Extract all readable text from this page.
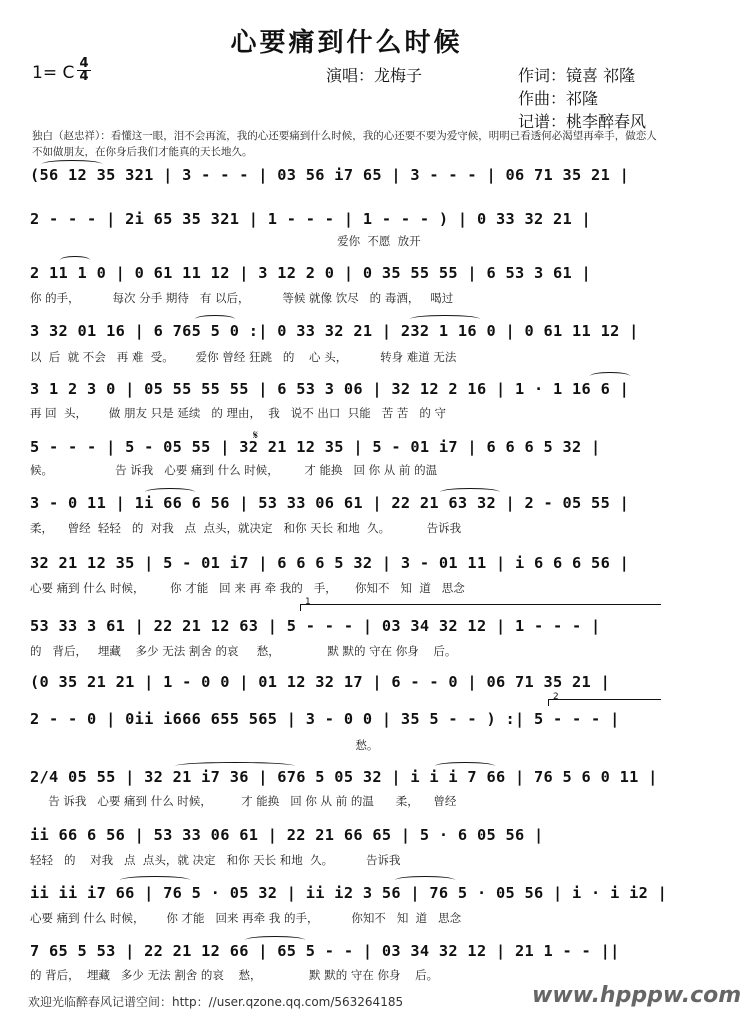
心要痛到什么时候
1= C 4
4	演唱：龙梅子	作词：镜喜 祁隆
作曲：祁隆
记谱：桃李醉春风
独白（赵忠祥）：看懂这一眼，泪不会再流，我的心还要痛到什么时候，我的心还要不要为爱守候，明明已看透何必渴望再牵手，做恋人不如做朋友，在你身后我们才能真的天长地久。
(56 12 35 321 | 3 - - - | 03 56 i7 65 | 3 - - - | 06 71 35 21 |
2 - - - | 2i 65 35 321 | 1 - - - | 1 - - - ) | 0 33 32 21 |
爱你  不愿  放开
2 11 1 0 | 0 61 11 12 | 3 12 2 0 | 0 35 55 55 | 6 53 3 61 |
你 的手，         每次 分手 期待   有 以后，         等候 就像 饮尽   的 毒酒，   喝过
3 32 01 16 | 6 765 5 0 :| 0 33 32 21 | 232 1 16 0 | 0 61 11 12 |
以  后  就 不会   再 难  受。      爱你 曾经 狂跳   的    心 头，         转身 难道 无法
3 1 2 3 0 | 05 55 55 55 | 6 53 3 06 | 32 12 2 16 | 1 · 1 16 6 |
再 回  头，      做 朋友 只是 延续   的 理由，  我   说不 出口  只能   苦 苦   的 守
𝄋
5 - - - | 5 - 05 55 | 32 21 12 35 | 5 - 01 i7 | 6 6 6 5 32 |
候。                 告 诉我   心要 痛到 什么 时候，       才 能换   回 你 从 前 的温
3 - 0 11 | 1i 66 6 56 | 53 33 06 61 | 22 21 63 32 | 2 - 05 55 |
柔，    曾经  轻轻   的  对我   点  点头，就决定   和你 天长 和地  久。          告诉我
32 21 12 35 | 5 - 01 i7 | 6 6 6 5 32 | 3 - 01 11 | i 6 6 6 56 |
心要 痛到 什么 时候，       你 才能   回 来 再 牵 我的   手，     你知不   知  道   思念
1
53 33 3 61 | 22 21 12 63 | 5 - - - | 03 34 32 12 | 1 - - - |
的   背后，   埋藏    多少 无法 割舍 的哀     愁，             默 默的 守在 你身    后。
(0 35 21 21 | 1 - 0 0 | 01 12 32 17 | 6 - - 0 | 06 71 35 21 |
2
2 - - 0 | 0ii i666 655 565 | 3 - 0 0 | 35 5 - - ) :| 5 - - - |
愁。
2/4 05 55 | 32 21 i7 36 | 676 5 05 32 | i i i 7 66 | 76 5 6 0 11 |
告 诉我   心要 痛到 什么 时候，        才 能换   回 你 从 前 的温      柔，    曾经
ii 66 6 56 | 53 33 06 61 | 22 21 66 65 | 5 · 6 05 56 |
轻轻   的    对我   点  点头，就 决定   和你 天长 和地  久。         告诉我
ii ii i7 66 | 76 5 · 05 32 | ii i2 3 56 | 76 5 · 05 56 | i · i i2 |
心要 痛到 什么 时候，      你 才能   回来 再牵 我 的手，         你知不   知  道   思念
7 65 5 53 | 22 21 12 66 | 65 5 - - | 03 34 32 12 | 21 1 - - ||
的 背后，  埋藏   多少 无法 割舍 的哀    愁，             默 默的 守在 你身    后。
欢迎光临醉春风记谱空间：http：//user.qzone.qq.com/563264185	www.hpppw.com
